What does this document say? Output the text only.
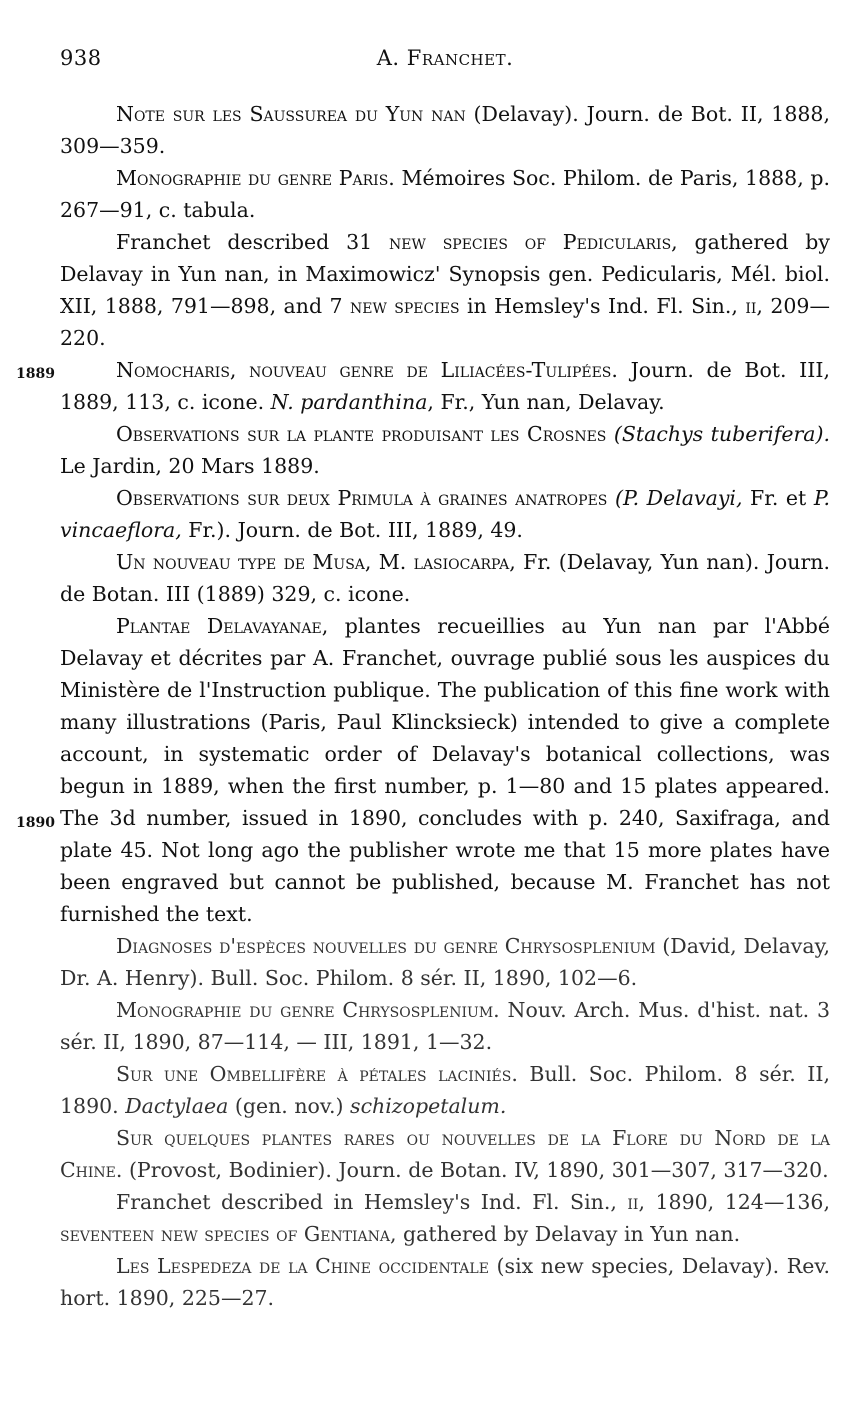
938	A. Franchet.
1889
1890

Note sur les Saussurea du Yun nan (Delavay). Journ. de Bot. II, 1888, 309—359.

Monographie du genre Paris. Mémoires Soc. Philom. de Paris, 1888, p. 267—91, c. tabula.

Franchet described 31 new species of Pedicularis, gathered by Delavay in Yun nan, in Maximowicz' Synopsis gen. Pedicularis, Mél. biol. XII, 1888, 791—898, and 7 new species in Hemsley's Ind. Fl. Sin., ii, 209—220.

Nomocharis, nouveau genre de Liliacées-Tulipées. Journ. de Bot. III, 1889, 113, c. icone. N. pardanthina, Fr., Yun nan, Delavay.

Observations sur la plante produisant les Crosnes (Stachys tuberifera). Le Jardin, 20 Mars 1889.

Observations sur deux Primula à graines anatropes (P. Delavayi, Fr. et P. vincaeflora, Fr.). Journ. de Bot. III, 1889, 49.

Un nouveau type de Musa, M. lasiocarpa, Fr. (Delavay, Yun nan). Journ. de Botan. III (1889) 329, c. icone.

Plantae Delavayanae, plantes recueillies au Yun nan par l'Abbé Delavay et décrites par A. Franchet, ouvrage publié sous les auspices du Ministère de l'Instruction publique. The publication of this fine work with many illustrations (Paris, Paul Klincksieck) intended to give a complete account, in systematic order of Delavay's botanical collections, was begun in 1889, when the first number, p. 1—80 and 15 plates appeared. The 3d number, issued in 1890, concludes with p. 240, Saxifraga, and plate 45. Not long ago the publisher wrote me that 15 more plates have been engraved but cannot be published, because M. Franchet has not furnished the text.

Diagnoses d'espèces nouvelles du genre Chrysosplenium (David, Delavay, Dr. A. Henry). Bull. Soc. Philom. 8 sér. II, 1890, 102—6.

Monographie du genre Chrysosplenium. Nouv. Arch. Mus. d'hist. nat. 3 sér. II, 1890, 87—114, — III, 1891, 1—32.

Sur une Ombellifère à pétales laciniés. Bull. Soc. Philom. 8 sér. II, 1890. Dactylaea (gen. nov.) schizopetalum.

Sur quelques plantes rares ou nouvelles de la Flore du Nord de la Chine. (Provost, Bodinier). Journ. de Botan. IV, 1890, 301—307, 317—320.

Franchet described in Hemsley's Ind. Fl. Sin., ii, 1890, 124—136, seventeen new species of Gentiana, gathered by Delavay in Yun nan.

Les Lespedeza de la Chine occidentale (six new species, Delavay). Rev. hort. 1890, 225—27.
